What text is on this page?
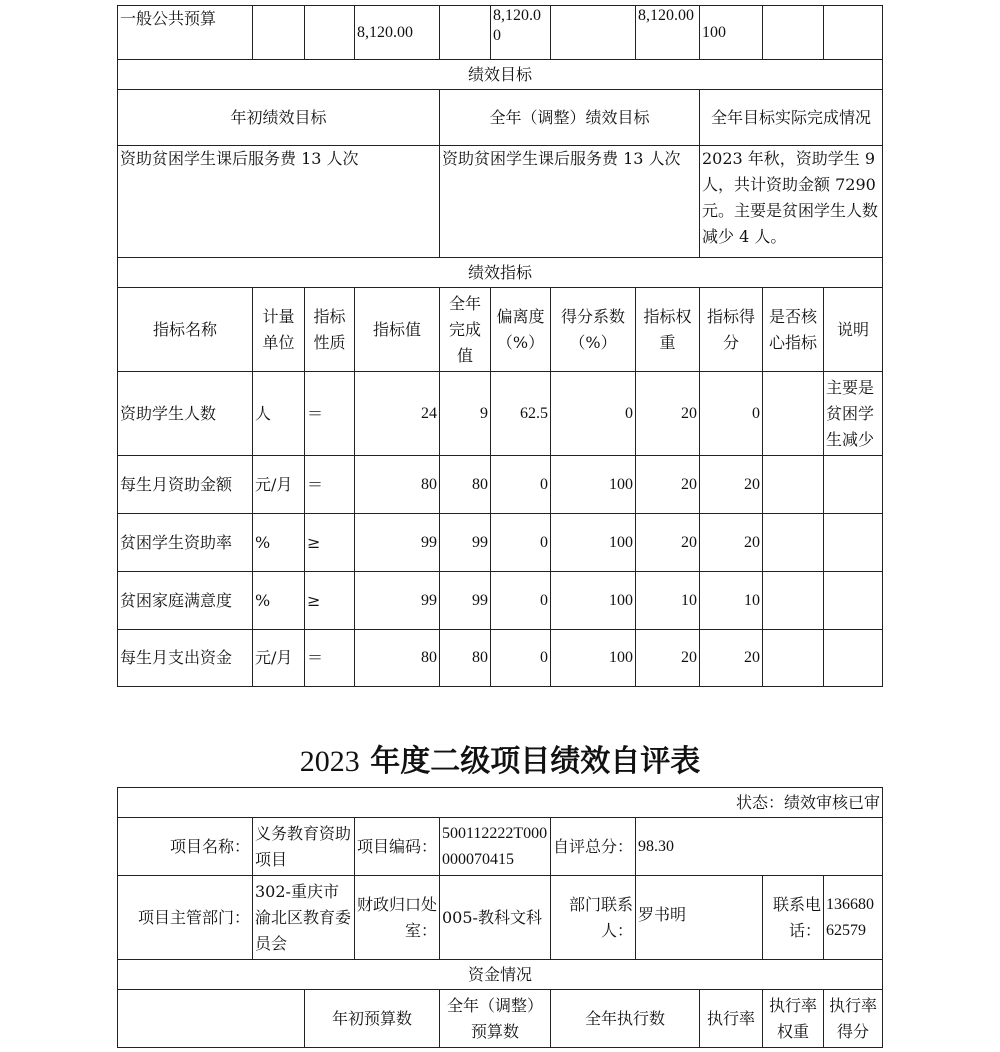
一般公共预算			8,120.00		8,120.00		8,120.00	100		
绩效目标										
年初绩效目标				全年（调整）绩效目标				全年目标实际完成情况		
资助贫困学生课后服务费 13 人次				资助贫困学生课后服务费 13 人次				2023 年秋，资助学生 9 人，共计资助金额 7290 元。主要是贫困学生人数减少 4 人。		
绩效指标										
指标名称	计量单位	指标性质	指标值	全年完成值	偏离度（%）	得分系数（%）	指标权重	指标得分	是否核心指标	说明
资助学生人数	人	＝	24	9	62.5	0	20	0		主要是贫困学生减少
每生月资助金额	元/月	＝	80	80	0	100	20	20		
贫困学生资助率	%	≥	99	99	0	100	20	20		
贫困家庭满意度	%	≥	99	99	0	100	10	10		
每生月支出资金	元/月	＝	80	80	0	100	20	20		
2023 年度二级项目绩效自评表
状态：绩效审核已审									
项目名称：	义务教育资助项目		项目编码：	500112222T000000070415	自评总分：	98.30			
项目主管部门：	302-重庆市渝北区教育委员会		财政归口处室：	005-教科文科	部门联系人：	罗书明		联系电话：	13668062579
资金情况									
		年初预算数		全年（调整）预算数	全年执行数		执行率	执行率权重	执行率得分
